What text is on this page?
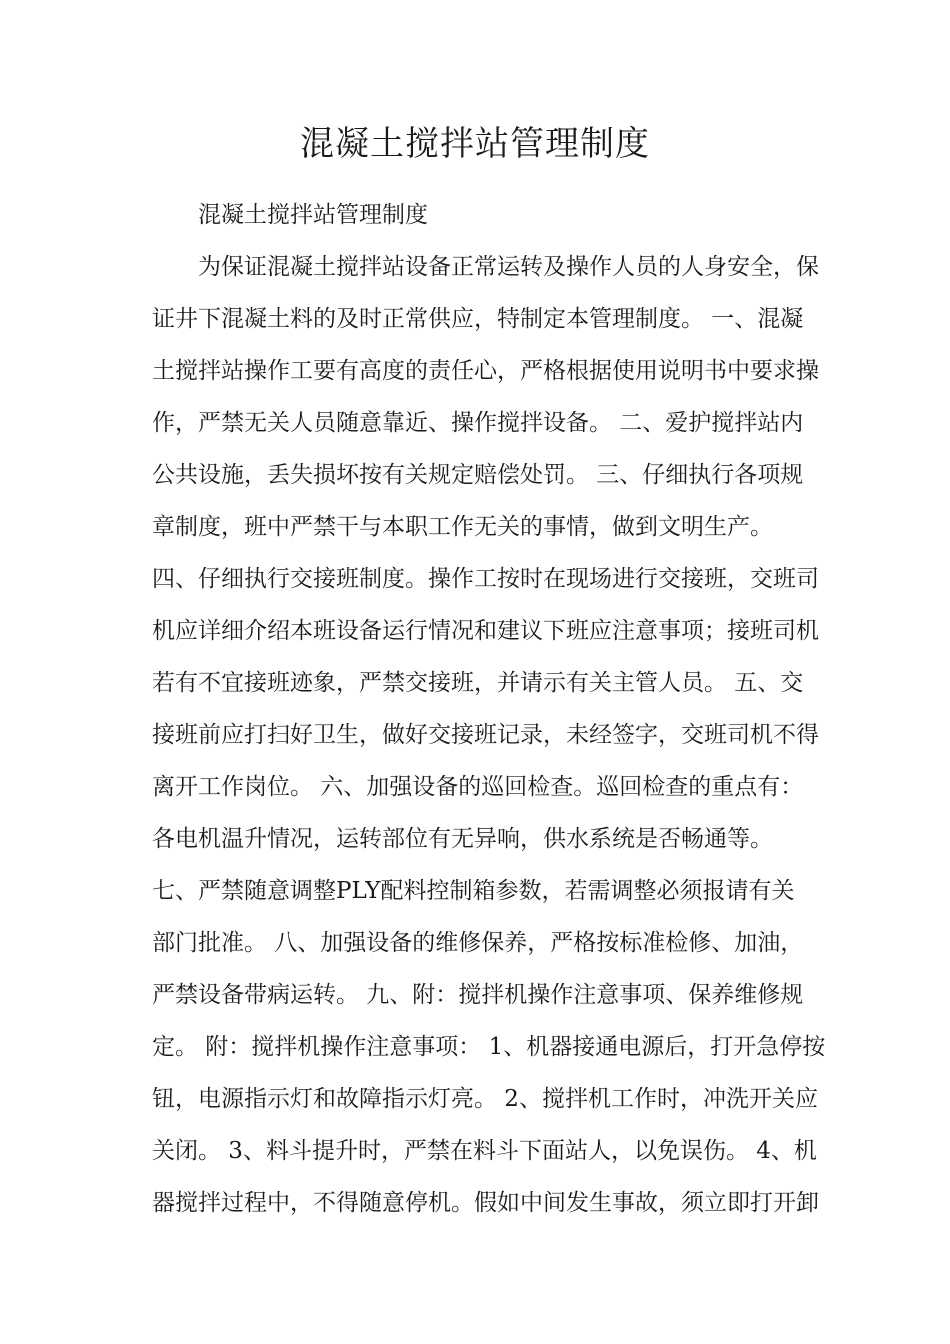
混凝土搅拌站管理制度
混凝土搅拌站管理制度
为保证混凝土搅拌站设备正常运转及操作人员的人身安全，保
证井下混凝土料的及时正常供应，特制定本管理制度。 一、混凝
土搅拌站操作工要有高度的责任心，严格根据使用说明书中要求操
作，严禁无关人员随意靠近、操作搅拌设备。 二、爱护搅拌站内
公共设施，丢失损坏按有关规定赔偿处罚。 三、仔细执行各项规
章制度，班中严禁干与本职工作无关的事情，做到文明生产。
四、仔细执行交接班制度。操作工按时在现场进行交接班，交班司
机应详细介绍本班设备运行情况和建议下班应注意事项；接班司机
若有不宜接班迹象，严禁交接班，并请示有关主管人员。 五、交
接班前应打扫好卫生，做好交接班记录，未经签字，交班司机不得
离开工作岗位。 六、加强设备的巡回检查。巡回检查的重点有：
各电机温升情况，运转部位有无异响，供水系统是否畅通等。
七、严禁随意调整PLY配料控制箱参数，若需调整必须报请有关
部门批准。 八、加强设备的维修保养，严格按标准检修、加油，
严禁设备带病运转。 九、附：搅拌机操作注意事项、保养维修规
定。 附：搅拌机操作注意事项： 1、机器接通电源后，打开急停按
钮，电源指示灯和故障指示灯亮。 2、搅拌机工作时，冲洗开关应
关闭。 3、料斗提升时，严禁在料斗下面站人，以免误伤。 4、机
器搅拌过程中，不得随意停机。假如中间发生事故，须立即打开卸
